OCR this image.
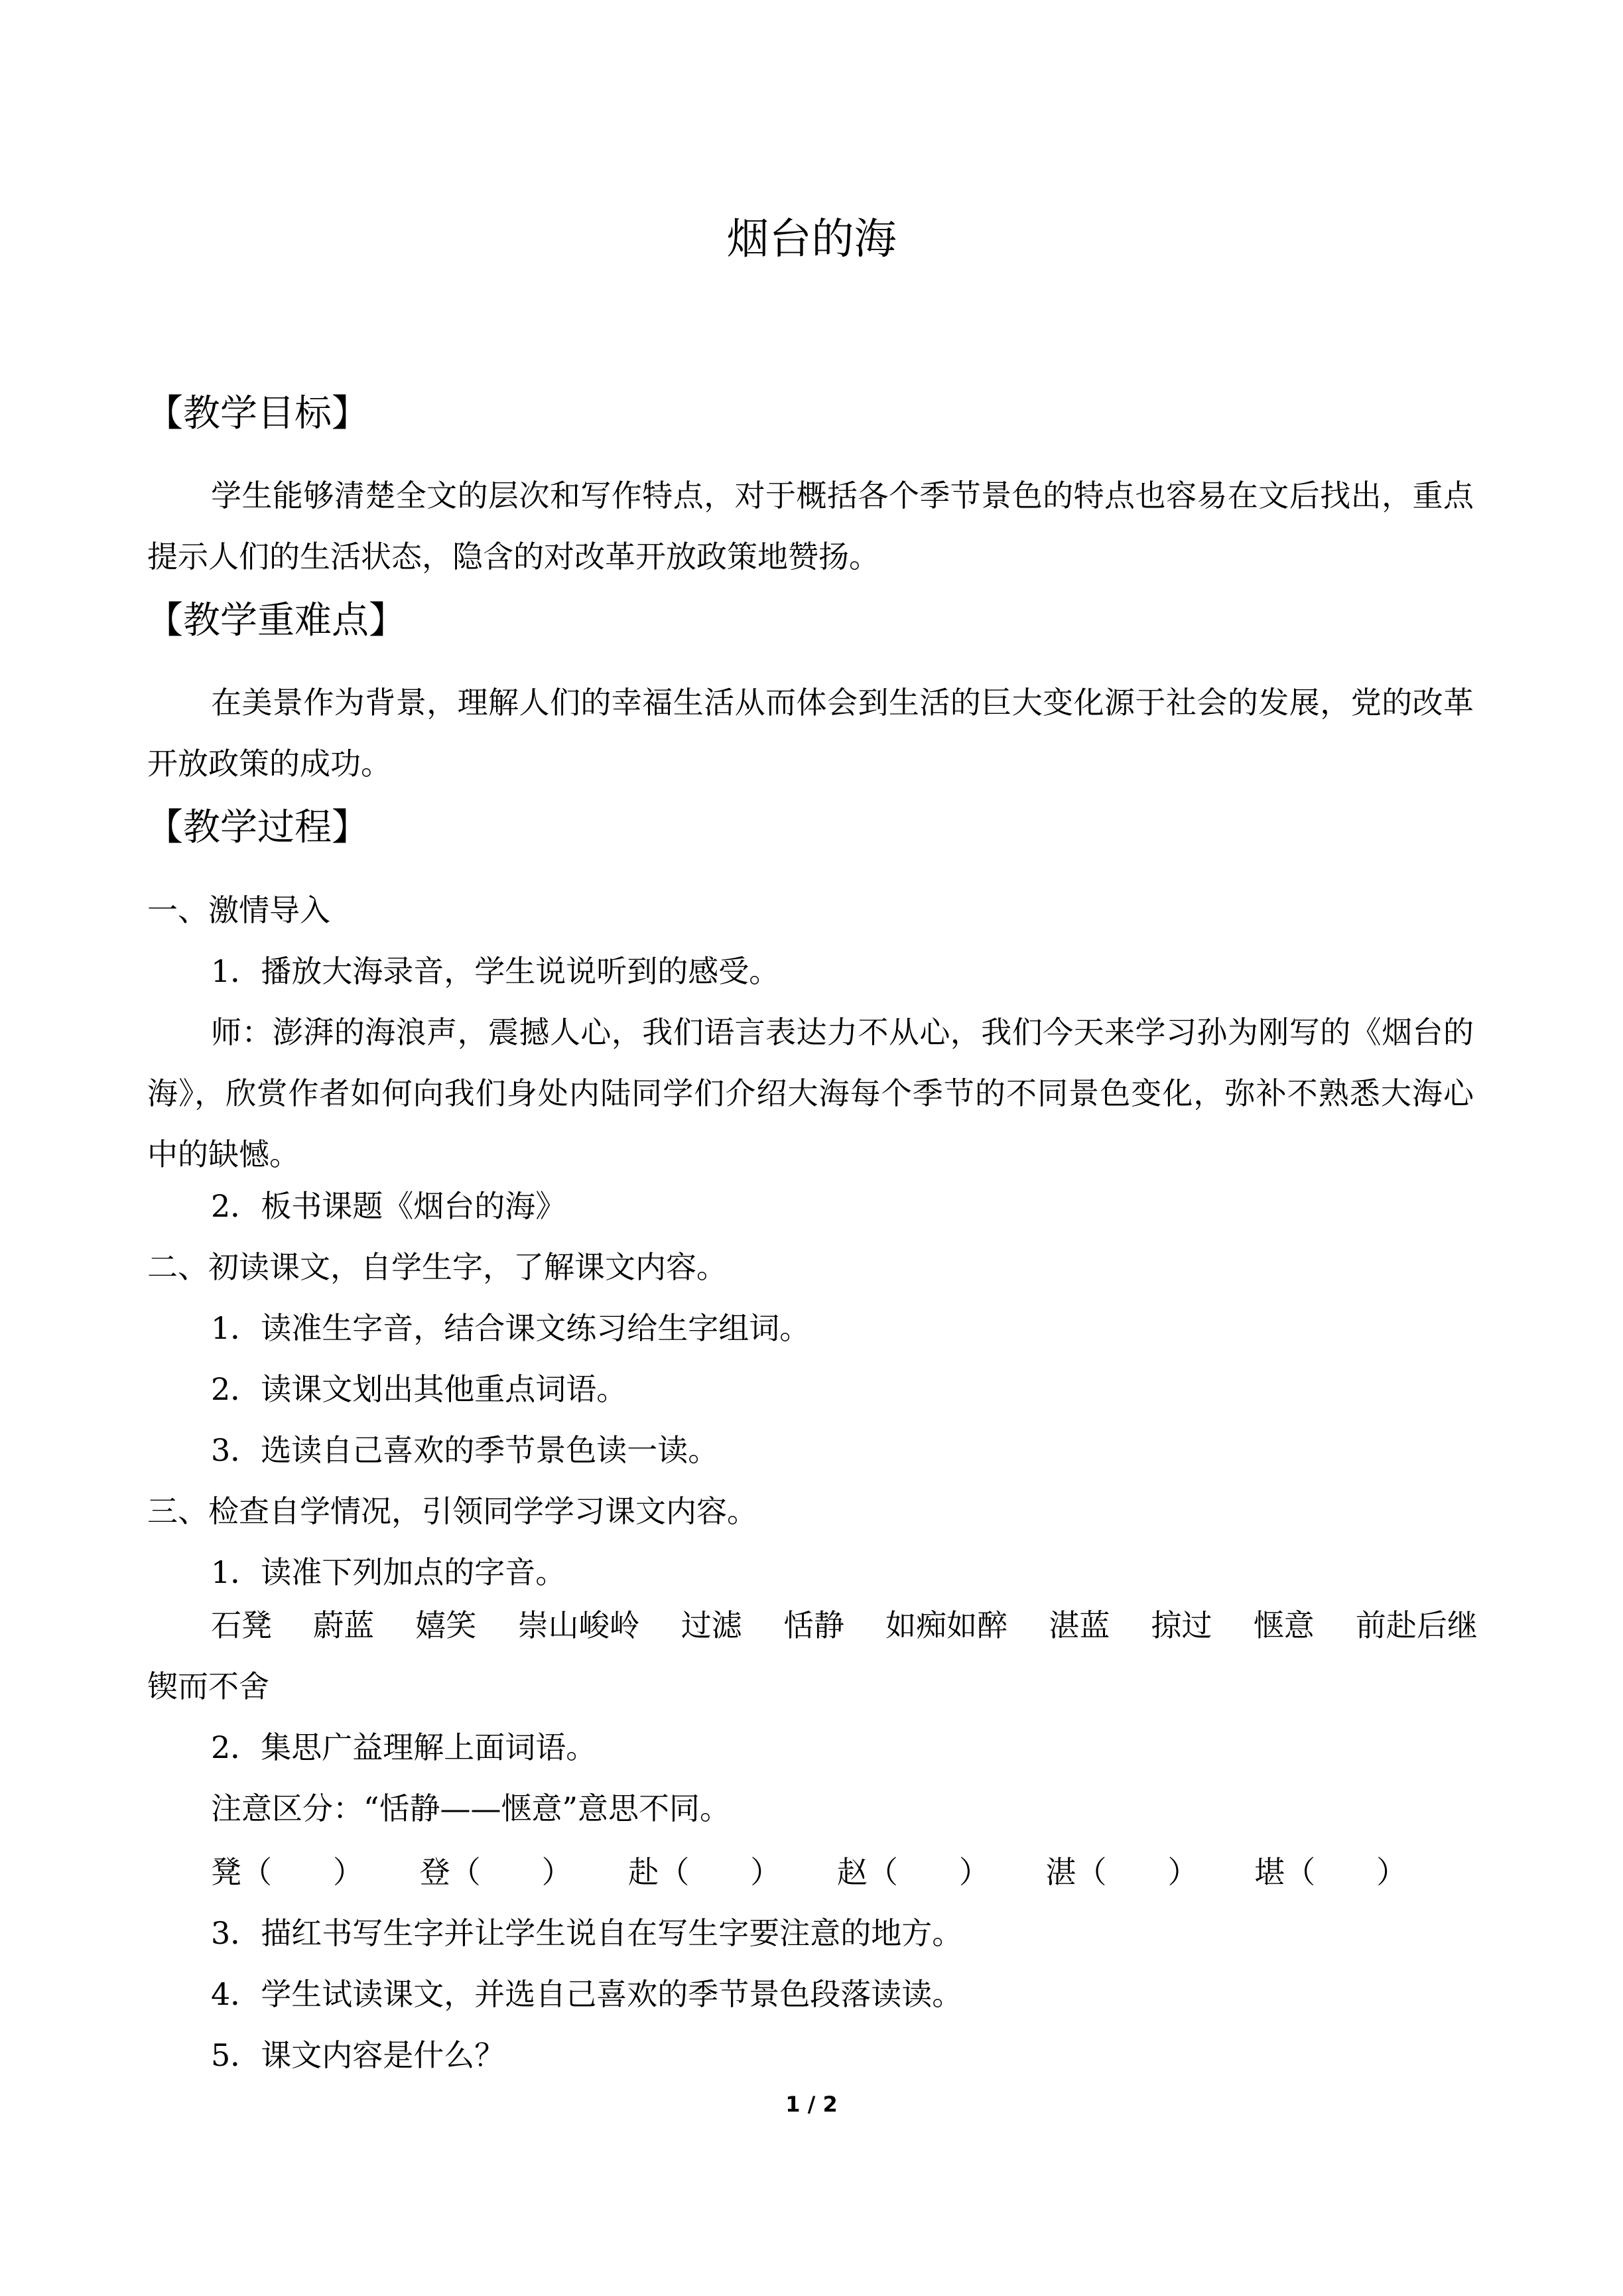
烟台的海
【教学目标】
学生能够清楚全文的层次和写作特点，对于概括各个季节景色的特点也容易在文后找出，重点提示人们的生活状态，隐含的对改革开放政策地赞扬。
【教学重难点】
在美景作为背景，理解人们的幸福生活从而体会到生活的巨大变化源于社会的发展，党的改革开放政策的成功。
【教学过程】
一、激情导入
1．播放大海录音，学生说说听到的感受。
师：澎湃的海浪声，震撼人心，我们语言表达力不从心，我们今天来学习孙为刚写的《烟台的海》，欣赏作者如何向我们身处内陆同学们介绍大海每个季节的不同景色变化，弥补不熟悉大海心中的缺憾。
2．板书课题《烟台的海》
二、初读课文，自学生字，了解课文内容。
1．读准生字音，结合课文练习给生字组词。
2．读课文划出其他重点词语。
3．选读自己喜欢的季节景色读一读。
三、检查自学情况，引领同学学习课文内容。
1．读准下列加点的字音。
石凳 蔚蓝 嬉笑 崇山峻岭 过滤 恬静 如痴如醉 湛蓝 掠过 惬意 前赴后继
锲而不舍
2．集思广益理解上面词语。
注意区分：“恬静——惬意”意思不同。
凳（　　） 登（　　） 赴（　　） 赵（　　） 湛（　　） 堪（　　）
3．描红书写生字并让学生说自在写生字要注意的地方。
4．学生试读课文，并选自己喜欢的季节景色段落读读。
5．课文内容是什么？
1 / 2
